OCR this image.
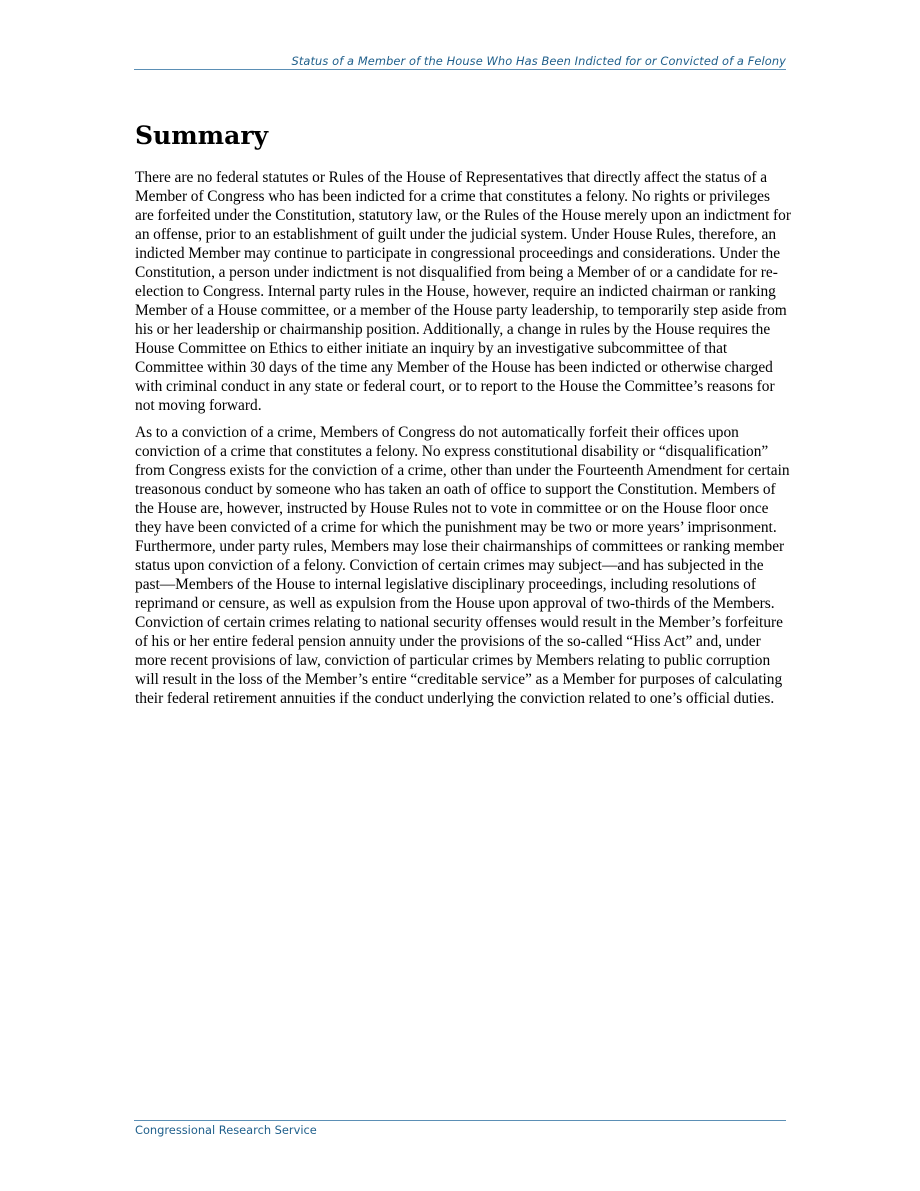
Status of a Member of the House Who Has Been Indicted for or Convicted of a Felony
Summary

There are no federal statutes or Rules of the House of Representatives that directly affect the status of a Member of Congress who has been indicted for a crime that constitutes a felony. No rights or privileges are forfeited under the Constitution, statutory law, or the Rules of the House merely upon an indictment for an offense, prior to an establishment of guilt under the judicial system. Under House Rules, therefore, an indicted Member may continue to participate in congressional proceedings and considerations. Under the Constitution, a person under indictment is not disqualified from being a Member of or a candidate for re-election to Congress. Internal party rules in the House, however, require an indicted chairman or ranking Member of a House committee, or a member of the House party leadership, to temporarily step aside from his or her leadership or chairmanship position. Additionally, a change in rules by the House requires the House Committee on Ethics to either initiate an inquiry by an investigative subcommittee of that Committee within 30 days of the time any Member of the House has been indicted or otherwise charged with criminal conduct in any state or federal court, or to report to the House the Committee’s reasons for not moving forward.

As to a conviction of a crime, Members of Congress do not automatically forfeit their offices upon conviction of a crime that constitutes a felony. No express constitutional disability or “disqualification” from Congress exists for the conviction of a crime, other than under the Fourteenth Amendment for certain treasonous conduct by someone who has taken an oath of office to support the Constitution. Members of the House are, however, instructed by House Rules not to vote in committee or on the House floor once they have been convicted of a crime for which the punishment may be two or more years’ imprisonment. Furthermore, under party rules, Members may lose their chairmanships of committees or ranking member status upon conviction of a felony. Conviction of certain crimes may subject—and has subjected in the past—Members of the House to internal legislative disciplinary proceedings, including resolutions of reprimand or censure, as well as expulsion from the House upon approval of two-thirds of the Members. Conviction of certain crimes relating to national security offenses would result in the Member’s forfeiture of his or her entire federal pension annuity under the provisions of the so-called “Hiss Act” and, under more recent provisions of law, conviction of particular crimes by Members relating to public corruption will result in the loss of the Member’s entire “creditable service” as a Member for purposes of calculating their federal retirement annuities if the conduct underlying the conviction related to one’s official duties.

Congressional Research Service
